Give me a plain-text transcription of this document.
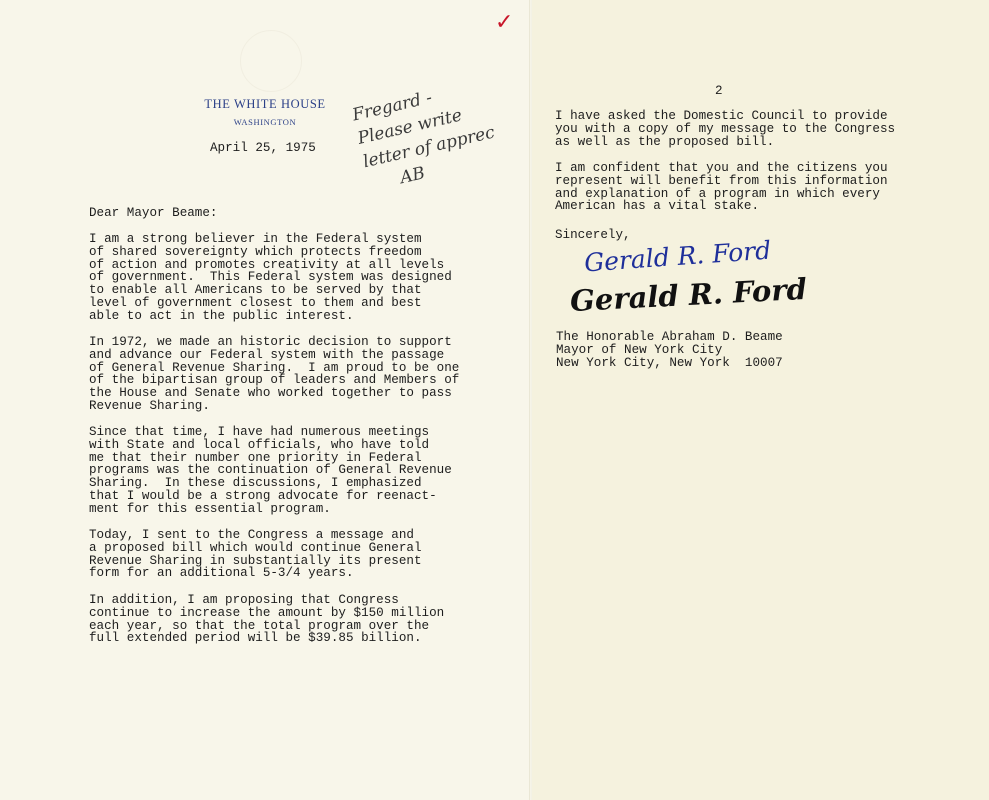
✓
THE WHITE HOUSE
WASHINGTON
April 25, 1975
Fregard -
Please write
letter of apprec
AB
Dear Mayor Beame:
I am a strong believer in the Federal system
of shared sovereignty which protects freedom
of action and promotes creativity at all levels
of government.  This Federal system was designed
to enable all Americans to be served by that
level of government closest to them and best
able to act in the public interest.
In 1972, we made an historic decision to support
and advance our Federal system with the passage
of General Revenue Sharing.  I am proud to be one
of the bipartisan group of leaders and Members of
the House and Senate who worked together to pass
Revenue Sharing.
Since that time, I have had numerous meetings
with State and local officials, who have told
me that their number one priority in Federal
programs was the continuation of General Revenue
Sharing.  In these discussions, I emphasized
that I would be a strong advocate for reenact-
ment for this essential program.
Today, I sent to the Congress a message and
a proposed bill which would continue General
Revenue Sharing in substantially its present
form for an additional 5-3/4 years.
In addition, I am proposing that Congress
continue to increase the amount by $150 million
each year, so that the total program over the
full extended period will be $39.85 billion.
2
I have asked the Domestic Council to provide
you with a copy of my message to the Congress
as well as the proposed bill.
I am confident that you and the citizens you
represent will benefit from this information
and explanation of a program in which every
American has a vital stake.
Sincerely,
Gerald R. Ford
Gerald R. Ford
The Honorable Abraham D. Beame
Mayor of New York City
New York City, New York  10007
